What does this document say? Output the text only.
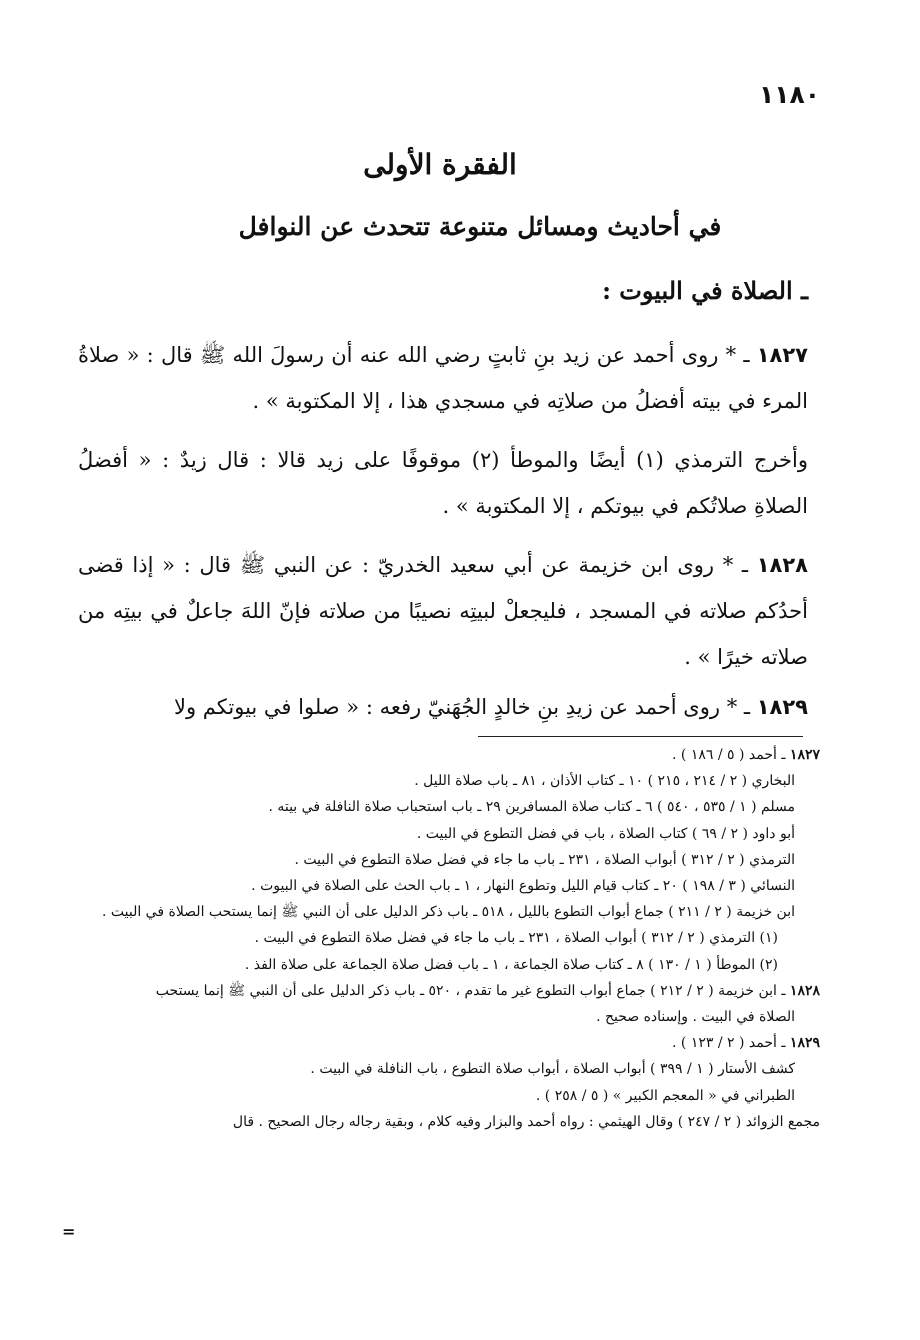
١١٨٠
الفقرة الأولى
في أحاديث ومسائل متنوعة تتحدث عن النوافل
ـ الصلاة في البيوت :
١٨٢٧ ـ * روى أحمد عن زيد بنِ ثابتٍ رضي الله عنه أن رسولَ الله ﷺ قال : « صلاةُ المرء في بيته أفضلُ من صلاتِه في مسجدي هذا ، إلا المكتوبة » .
وأخرج الترمذي (١) أيضًا والموطأ (٢) موقوفًا على زيد قالا : قال زيدٌ : « أفضلُ الصلاةِ صلاتُكم في بيوتكم ، إلا المكتوبة » .
١٨٢٨ ـ * روى ابن خزيمة عن أبي سعيد الخدريّ : عن النبي ﷺ قال : « إذا قضى أحدُكم صلاته في المسجد ، فليجعلْ لبيتِه نصيبًا من صلاته فإنّ اللهَ جاعلٌ في بيتِه من صلاته خيرًا » .
١٨٢٩ ـ * روى أحمد عن زيدِ بنِ خالدٍ الجُهَنيّ رفعه : « صلوا في بيوتكم ولا
١٨٢٧ ـ أحمد ( ٥ / ١٨٦ ) .
البخاري ( ٢ / ٢١٤ ، ٢١٥ ) ١٠ ـ كتاب الأذان ، ٨١ ـ باب صلاة الليل .
مسلم ( ١ / ٥٣٥ ، ٥٤٠ ) ٦ ـ كتاب صلاة المسافرين ٢٩ ـ باب استحباب صلاة النافلة في بيته .
أبو داود ( ٢ / ٦٩ ) كتاب الصلاة ، باب في فضل التطوع في البيت .
الترمذي ( ٢ / ٣١٢ ) أبواب الصلاة ، ٢٣١ ـ باب ما جاء في فضل صلاة التطوع في البيت .
النسائي ( ٣ / ١٩٨ ) ٢٠ ـ كتاب قيام الليل وتطوع النهار ، ١ ـ باب الحث على الصلاة في البيوت .
ابن خزيمة ( ٢ / ٢١١ ) جماع أبواب التطوع بالليل ، ٥١٨ ـ باب ذكر الدليل على أن النبي ﷺ إنما يستحب الصلاة في البيت .
(١) الترمذي ( ٢ / ٣١٢ ) أبواب الصلاة ، ٢٣١ ـ باب ما جاء في فضل صلاة التطوع في البيت .
(٢) الموطأ ( ١ / ١٣٠ ) ٨ ـ كتاب صلاة الجماعة ، ١ ـ باب فضل صلاة الجماعة على صلاة الفذ .
١٨٢٨ ـ ابن خزيمة ( ٢ / ٢١٢ ) جماع أبواب التطوع غير ما تقدم ، ٥٢٠ ـ باب ذكر الدليل على أن النبي ﷺ إنما يستحب
الصلاة في البيت . وإسناده صحيح .
١٨٢٩ ـ أحمد ( ٢ / ١٢٣ ) .
كشف الأستار ( ١ / ٣٩٩ ) أبواب الصلاة ، أبواب صلاة التطوع ، باب النافلة في البيت .
الطبراني في « المعجم الكبير » ( ٥ / ٢٥٨ ) .
مجمع الزوائد ( ٢ / ٢٤٧ ) وقال الهيثمي : رواه أحمد والبزار وفيه كلام ، وبقية رجاله رجال الصحيح . قال
=
